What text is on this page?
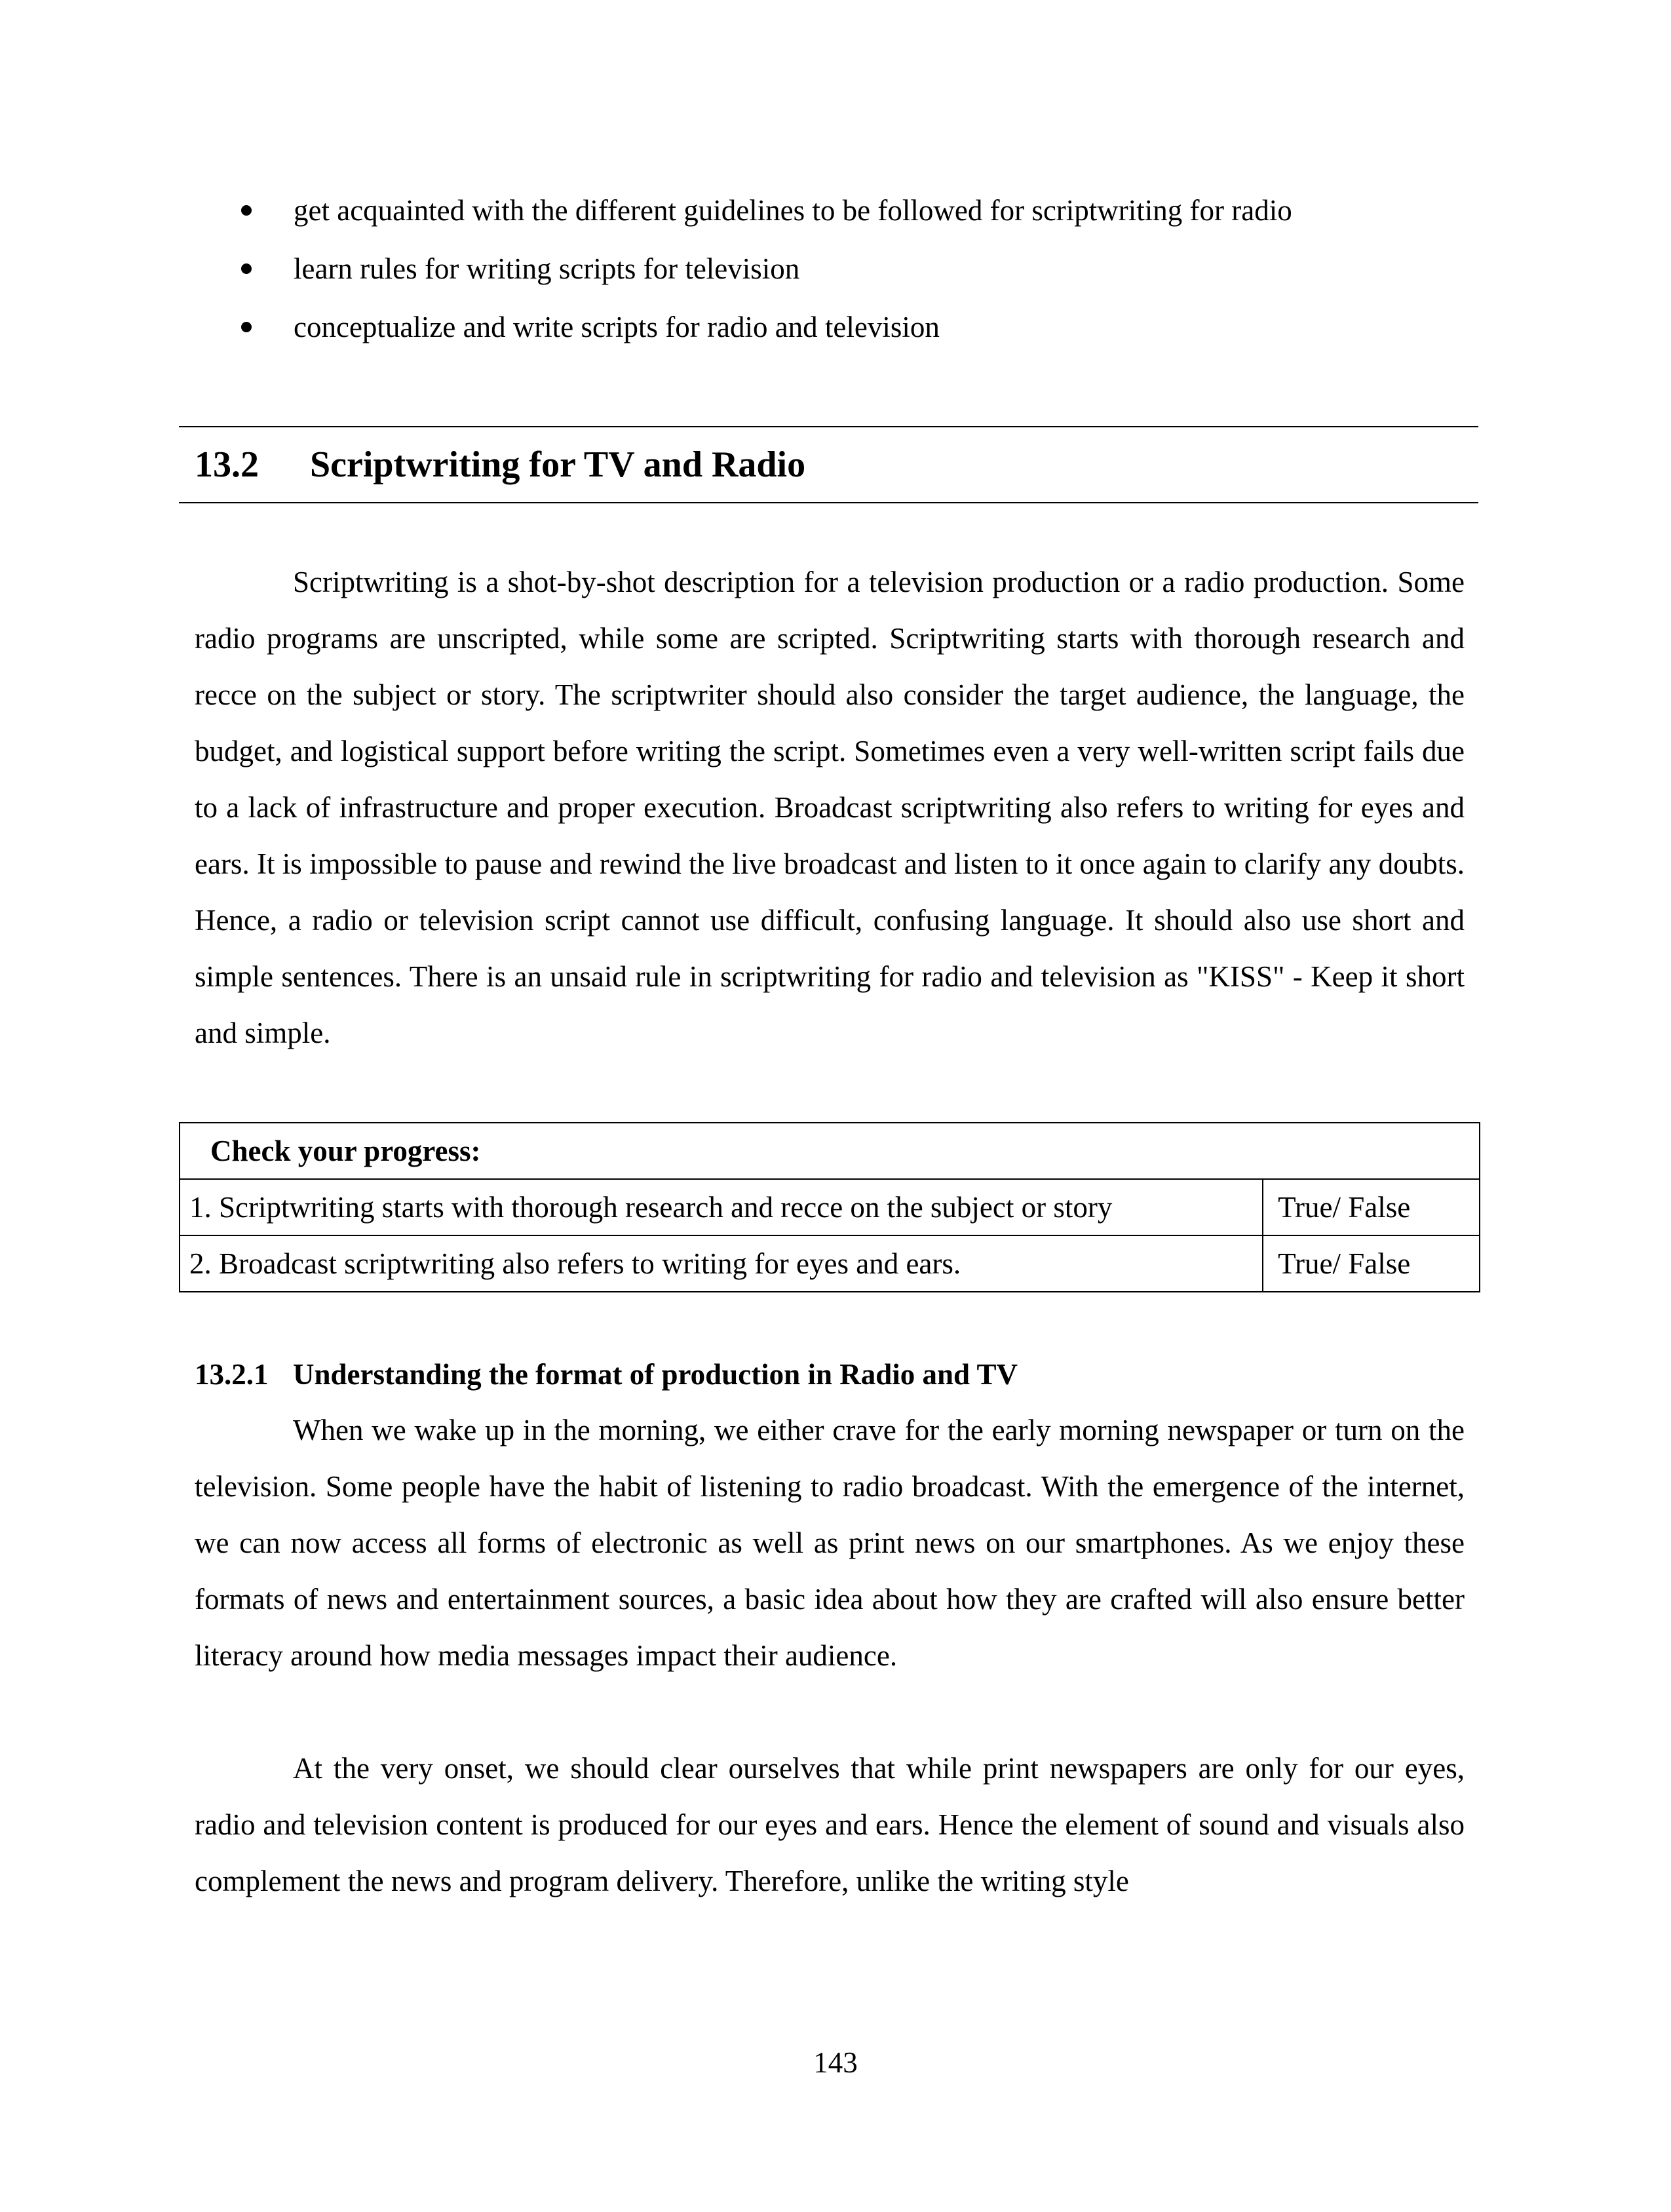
get acquainted with the different guidelines to be followed for scriptwriting for radio
learn rules for writing scripts for television
conceptualize and write scripts for radio and television
13.2 Scriptwriting for TV and Radio

Scriptwriting is a shot-by-shot description for a television production or a radio production. Some radio programs are unscripted, while some are scripted. Scriptwriting starts with thorough research and recce on the subject or story. The scriptwriter should also consider the target audience, the language, the budget, and logistical support before writing the script. Sometimes even a very well-written script fails due to a lack of infrastructure and proper execution. Broadcast scriptwriting also refers to writing for eyes and ears. It is impossible to pause and rewind the live broadcast and listen to it once again to clarify any doubts. Hence, a radio or television script cannot use difficult, confusing language. It should also use short and simple sentences. There is an unsaid rule in scriptwriting for radio and television as "KISS" - Keep it short and simple.

Check your progress:	
1. Scriptwriting starts with thorough research and recce on the subject or story	True/ False
2. Broadcast scriptwriting also refers to writing for eyes and ears.	True/ False
13.2.1 Understanding the format of production in Radio and TV

When we wake up in the morning, we either crave for the early morning newspaper or turn on the television. Some people have the habit of listening to radio broadcast. With the emergence of the internet, we can now access all forms of electronic as well as print news on our smartphones. As we enjoy these formats of news and entertainment sources, a basic idea about how they are crafted will also ensure better literacy around how media messages impact their audience.

At the very onset, we should clear ourselves that while print newspapers are only for our eyes, radio and television content is produced for our eyes and ears. Hence the element of sound and visuals also complement the news and program delivery. Therefore, unlike the writing style

143
